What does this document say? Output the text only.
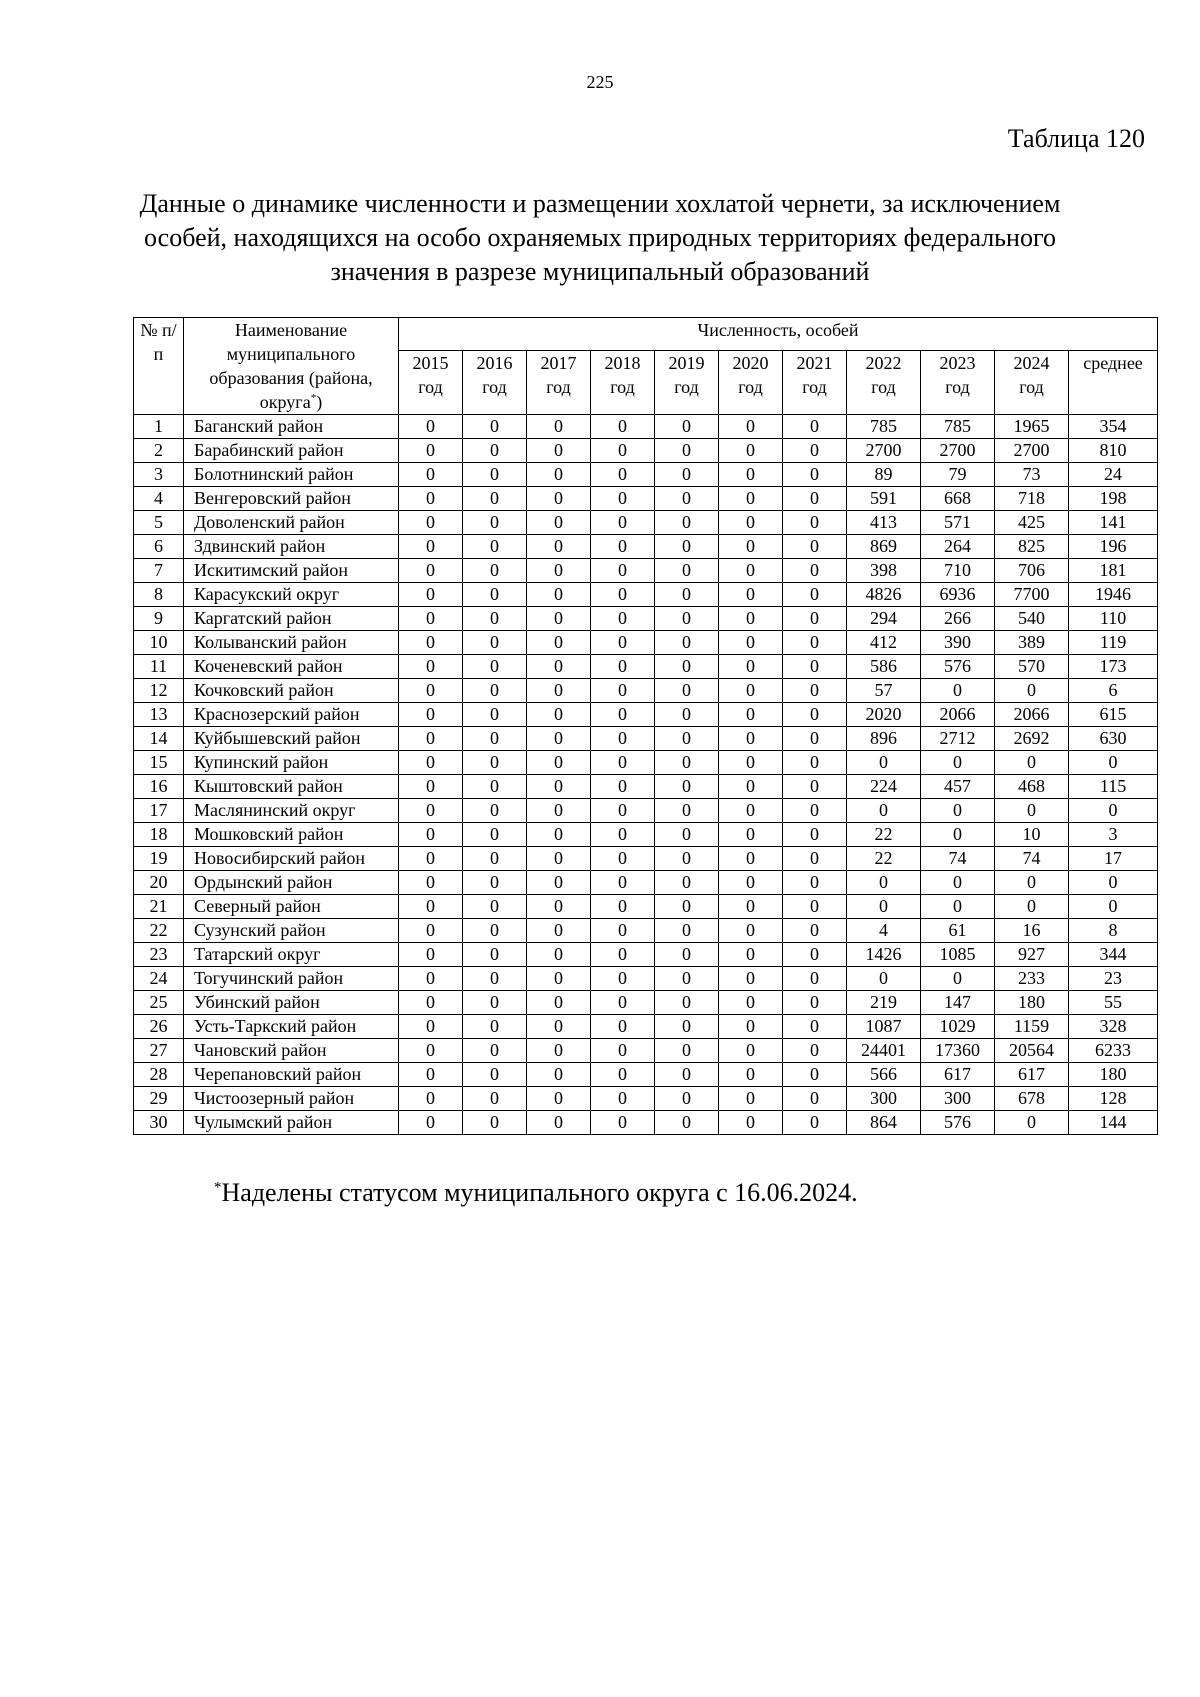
225
Таблица 120
Данные о динамике численности и размещении хохлатой чернети, за исключением особей, находящихся на особо охраняемых природных территориях федерального значения в разрезе муниципальный образований
№ п/п	Наименование муниципального образования (района, округа*)	Численность, особей										
		2015 год	2016 год	2017 год	2018 год	2019 год	2020 год	2021 год	2022 год	2023 год	2024 год	среднее
1	Баганский район	0	0	0	0	0	0	0	785	785	1965	354
2	Барабинский район	0	0	0	0	0	0	0	2700	2700	2700	810
3	Болотнинский район	0	0	0	0	0	0	0	89	79	73	24
4	Венгеровский район	0	0	0	0	0	0	0	591	668	718	198
5	Доволенский район	0	0	0	0	0	0	0	413	571	425	141
6	Здвинский район	0	0	0	0	0	0	0	869	264	825	196
7	Искитимский район	0	0	0	0	0	0	0	398	710	706	181
8	Карасукский округ	0	0	0	0	0	0	0	4826	6936	7700	1946
9	Каргатский район	0	0	0	0	0	0	0	294	266	540	110
10	Колыванский район	0	0	0	0	0	0	0	412	390	389	119
11	Коченевский район	0	0	0	0	0	0	0	586	576	570	173
12	Кочковский район	0	0	0	0	0	0	0	57	0	0	6
13	Краснозерский район	0	0	0	0	0	0	0	2020	2066	2066	615
14	Куйбышевский район	0	0	0	0	0	0	0	896	2712	2692	630
15	Купинский район	0	0	0	0	0	0	0	0	0	0	0
16	Кыштовский район	0	0	0	0	0	0	0	224	457	468	115
17	Маслянинский округ	0	0	0	0	0	0	0	0	0	0	0
18	Мошковский район	0	0	0	0	0	0	0	22	0	10	3
19	Новосибирский район	0	0	0	0	0	0	0	22	74	74	17
20	Ордынский район	0	0	0	0	0	0	0	0	0	0	0
21	Северный район	0	0	0	0	0	0	0	0	0	0	0
22	Сузунский район	0	0	0	0	0	0	0	4	61	16	8
23	Татарский округ	0	0	0	0	0	0	0	1426	1085	927	344
24	Тогучинский район	0	0	0	0	0	0	0	0	0	233	23
25	Убинский район	0	0	0	0	0	0	0	219	147	180	55
26	Усть-Таркский район	0	0	0	0	0	0	0	1087	1029	1159	328
27	Чановский район	0	0	0	0	0	0	0	24401	17360	20564	6233
28	Черепановский район	0	0	0	0	0	0	0	566	617	617	180
29	Чистоозерный район	0	0	0	0	0	0	0	300	300	678	128
30	Чулымский район	0	0	0	0	0	0	0	864	576	0	144
*Наделены статусом муниципального округа с 16.06.2024.
